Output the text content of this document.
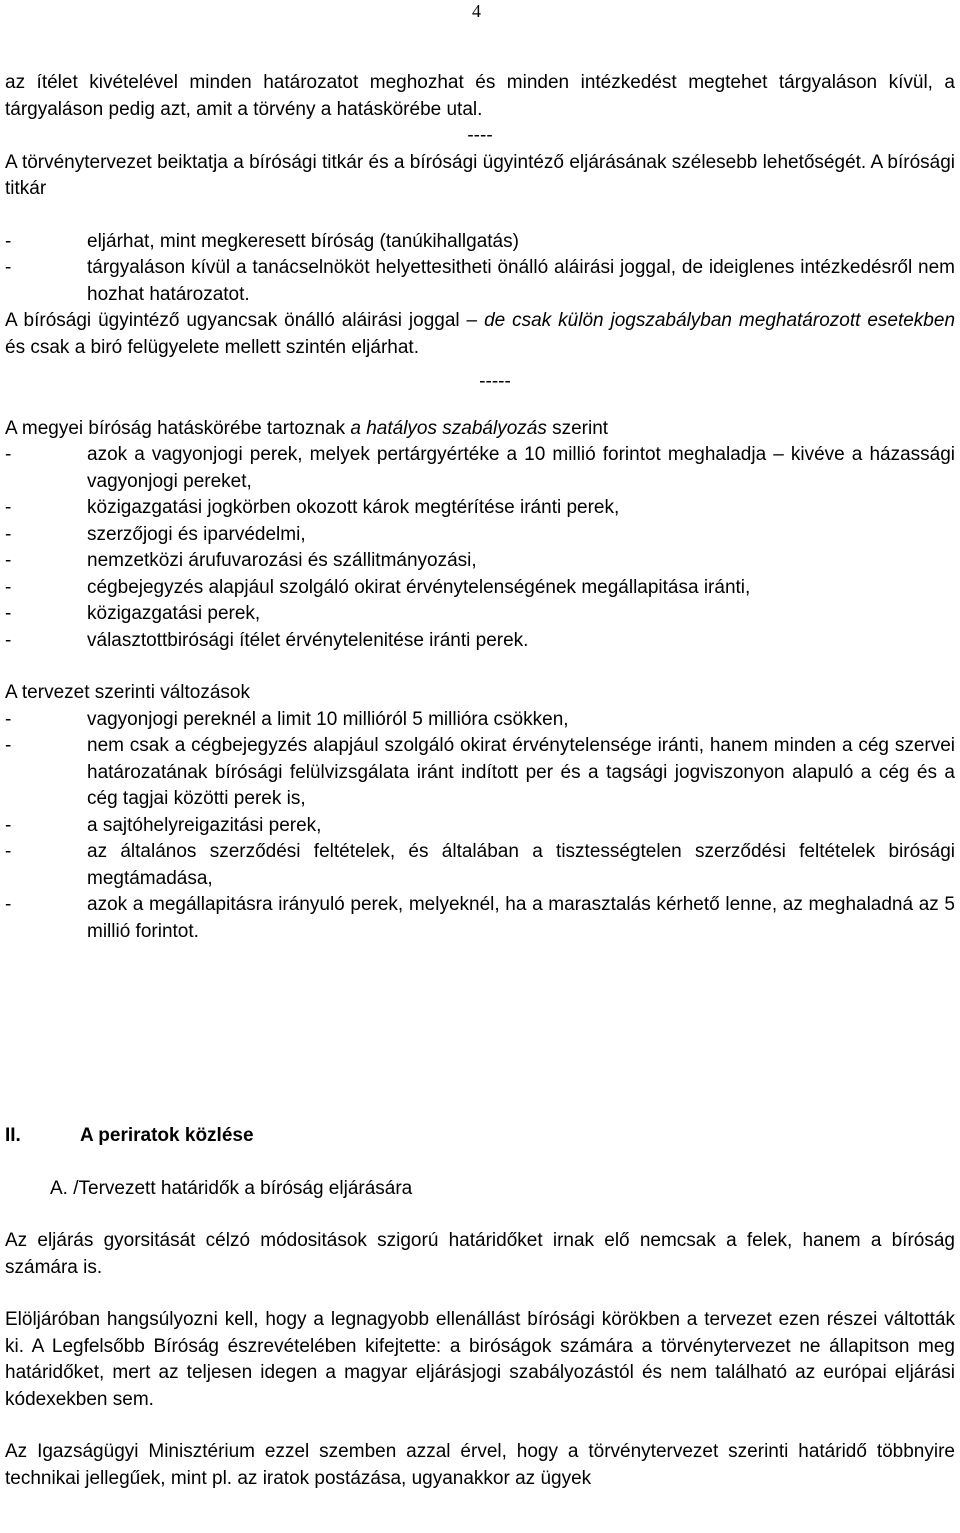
4

az ítélet kivételével minden határozatot meghozhat és minden intézkedést megtehet tárgyaláson kívül, a tárgyaláson pedig azt, amit a törvény a hatáskörébe utal.

----

A törvénytervezet beiktatja a bírósági titkár és a bírósági ügyintéző eljárásának szélesebb lehetőségét. A bírósági titkár

- eljárhat, mint megkeresett bíróság (tanúkihallgatás)
- tárgyaláson kívül a tanácselnököt helyettesitheti önálló aláirási joggal, de ideiglenes intézkedésről nem hozhat határozatot.

A bírósági ügyintéző ugyancsak önálló aláirási joggal – de csak külön jogszabályban meghatározott esetekben és csak a biró felügyelete mellett szintén eljárhat.

-----

A megyei bíróság hatáskörébe tartoznak a hatályos szabályozás szerint

- azok a vagyonjogi perek, melyek pertárgyértéke a 10 millió forintot meghaladja – kivéve a házassági vagyonjogi pereket,
- közigazgatási jogkörben okozott károk megtérítése iránti perek,
- szerzőjogi és iparvédelmi,
- nemzetközi árufuvarozási és szállitmányozási,
- cégbejegyzés alapjául szolgáló okirat érvénytelenségének megállapitása iránti,
- közigazgatási perek,
- választottbirósági ítélet érvénytelenitése iránti perek.

A tervezet szerinti változások

- vagyonjogi pereknél a limit 10 millióról 5 millióra csökken,
- nem csak a cégbejegyzés alapjául szolgáló okirat érvénytelensége iránti, hanem minden a cég szervei határozatának bírósági felülvizsgálata iránt indított per és a tagsági jogviszonyon alapuló a cég és a cég tagjai közötti perek is,
- a sajtóhelyreigazitási perek,
- az általános szerződési feltételek, és általában a tisztességtelen szerződési feltételek birósági megtámadása,
- azok a megállapitásra irányuló perek, melyeknél, ha a marasztalás kérhető lenne, az meghaladná az 5 millió forintot.
II.	A periratok közlése
A. /Tervezett határidők a bíróság eljárására

Az eljárás gyorsitását célzó módositások szigorú határidőket irnak elő nemcsak a felek, hanem a bíróság számára is.

Elöljáróban hangsúlyozni kell, hogy a legnagyobb ellenállást bírósági körökben a tervezet ezen részei váltották ki. A Legfelsőbb Bíróság észrevételében kifejtette: a biróságok számára a törvénytervezet ne állapitson meg határidőket, mert az teljesen idegen a magyar eljárásjogi szabályozástól és nem található az európai eljárási kódexekben sem.

Az Igazságügyi Minisztérium ezzel szemben azzal érvel, hogy a törvénytervezet szerinti határidő többnyire technikai jellegűek, mint pl. az iratok postázása, ugyanakkor az ügyek
